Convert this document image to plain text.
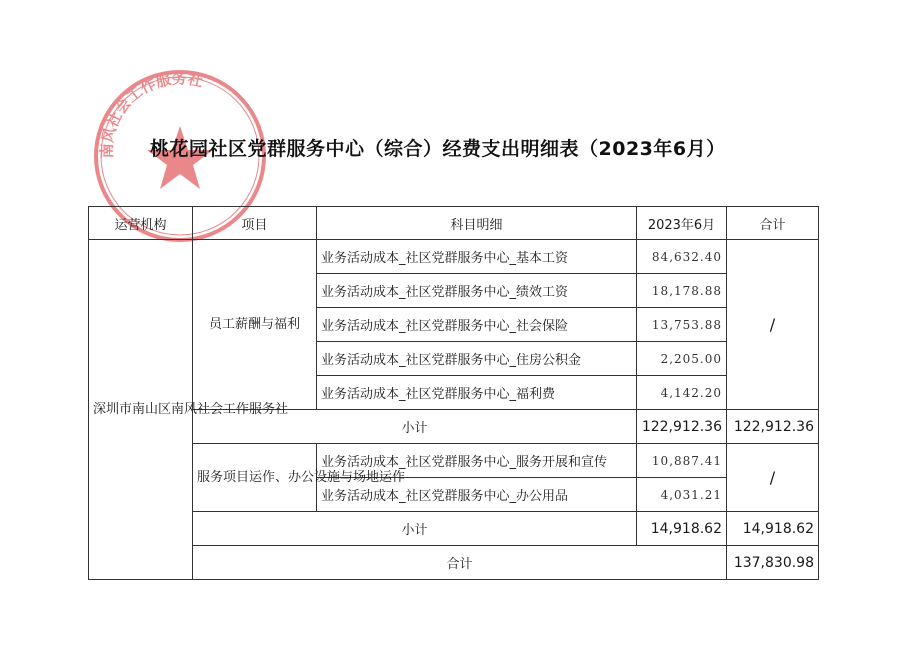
南风社会工作服务社
桃花园社区党群服务中心（综合）经费支出明细表（2023年6月）
运营机构	项目	科目明细	2023年6月	合计
深圳市南山区南风社会工作服务社	员工薪酬与福利	业务活动成本_社区党群服务中心_基本工资	84,632.40	/
		业务活动成本_社区党群服务中心_绩效工资	18,178.88	
		业务活动成本_社区党群服务中心_社会保险	13,753.88	
		业务活动成本_社区党群服务中心_住房公积金	2,205.00	
		业务活动成本_社区党群服务中心_福利费	4,142.20	
	小计		122,912.36	122,912.36
	服务项目运作、办公设施与场地运作	业务活动成本_社区党群服务中心_服务开展和宣传	10,887.41	/
		业务活动成本_社区党群服务中心_办公用品	4,031.21	
	小计		14,918.62	14,918.62
	合计			137,830.98
